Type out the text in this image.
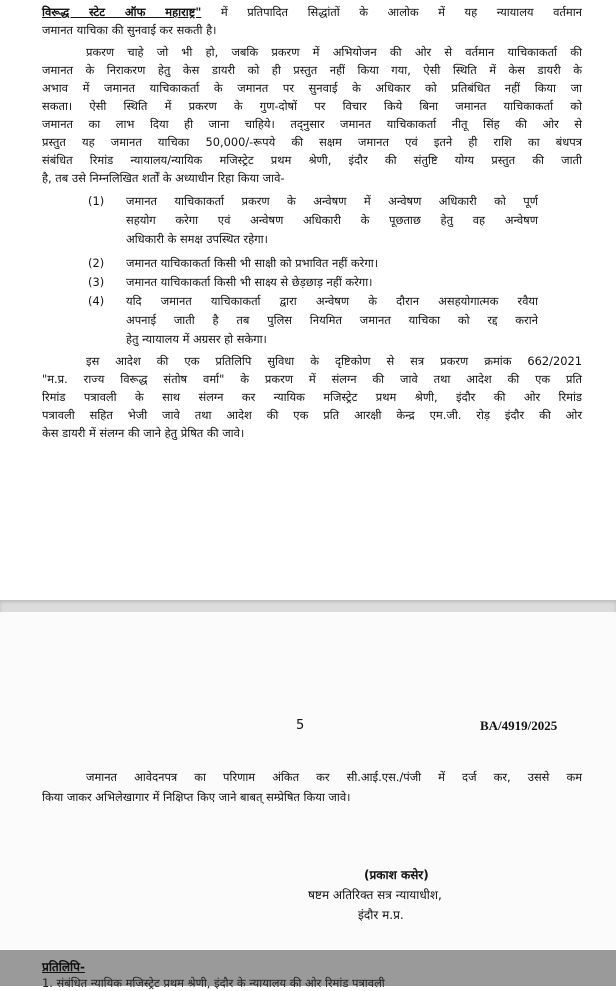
विरूद्ध स्टेट ऑफ महाराष्ट्र" में प्रतिपादित सिद्धांतों के आलोक में यह न्यायालय वर्तमान
जमानत याचिका की सुनवाई कर सकती है।
प्रकरण चाहे जो भी हो, जबकि प्रकरण में अभियोजन की ओर से वर्तमान याचिकाकर्ता की
जमानत के निराकरण हेतु केस डायरी को ही प्रस्तुत नहीं किया गया, ऐसी स्थिति में केस डायरी के
अभाव में जमानत याचिकाकर्ता के जमानत पर सुनवाई के अधिकार को प्रतिबंधित नहीं किया जा
सकता। ऐसी स्थिति में प्रकरण के गुण-दोषों पर विचार किये बिना जमानत याचिकाकर्ता को
जमानत का लाभ दिया ही जाना चाहिये। तद्नुसार जमानत याचिकाकर्ता नीतू सिंह की ओर से
प्रस्तुत यह जमानत याचिका 50,000/-रूपये की सक्षम जमानत एवं इतने ही राशि का बंधपत्र
संबंधित रिमांड न्यायालय/न्यायिक मजिस्ट्रेट प्रथम श्रेणी, इंदौर की संतुष्टि योग्य प्रस्तुत की जाती
है, तब उसे निम्नलिखित शर्तों के अध्याधीन रिहा किया जावे-
(1) जमानत याचिकाकर्ता प्रकरण के अन्वेषण में अन्वेषण अधिकारी को पूर्ण
सहयोग करेगा एवं अन्वेषण अधिकारी के पूछताछ हेतु वह अन्वेषण
अधिकारी के समक्ष उपस्थित रहेगा।
(2) जमानत याचिकाकर्ता किसी भी साक्षी को प्रभावित नहीं करेगा।
(3) जमानत याचिकाकर्ता किसी भी साक्ष्य से छेड़छाड़ नहीं करेगा।
(4) यदि जमानत याचिकाकर्ता द्वारा अन्वेषण के दौरान असहयोगात्मक रवैया
अपनाई जाती है तब पुलिस नियमित जमानत याचिका को रद्द कराने
हेतु न्यायालय में अग्रसर हो सकेगा।
इस आदेश की एक प्रतिलिपि सुविधा के दृष्टिकोण से सत्र प्रकरण क्रमांक 662/2021
"म.प्र. राज्य विरूद्ध संतोष वर्मा" के प्रकरण में संलग्न की जावे तथा आदेश की एक प्रति
रिमांड पत्रावली के साथ संलग्न कर न्यायिक मजिस्ट्रेट प्रथम श्रेणी, इंदौर की ओर रिमांड
पत्रावली सहित भेजी जावे तथा आदेश की एक प्रति आरक्षी केन्द्र एम.जी. रोड़ इंदौर की ओर
केस डायरी में संलग्न की जाने हेतु प्रेषित की जावे।
5	BA/4919/2025
जमानत आवेदनपत्र का परिणाम अंकित कर सी.आई.एस./पंजी में दर्ज कर, उससे कम
किया जाकर अभिलेखागार में निक्षिप्त किए जाने बाबत् सम्प्रेषित किया जावे।
(प्रकाश कसेर)
षष्टम अतिरिक्त सत्र न्यायाधीश,
इंदौर म.प्र.
प्रतिलिपि-
1. संबंधित न्यायिक मजिस्ट्रेट प्रथम श्रेणी, इंदौर के न्यायालय की ओर रिमांड पत्रावली
